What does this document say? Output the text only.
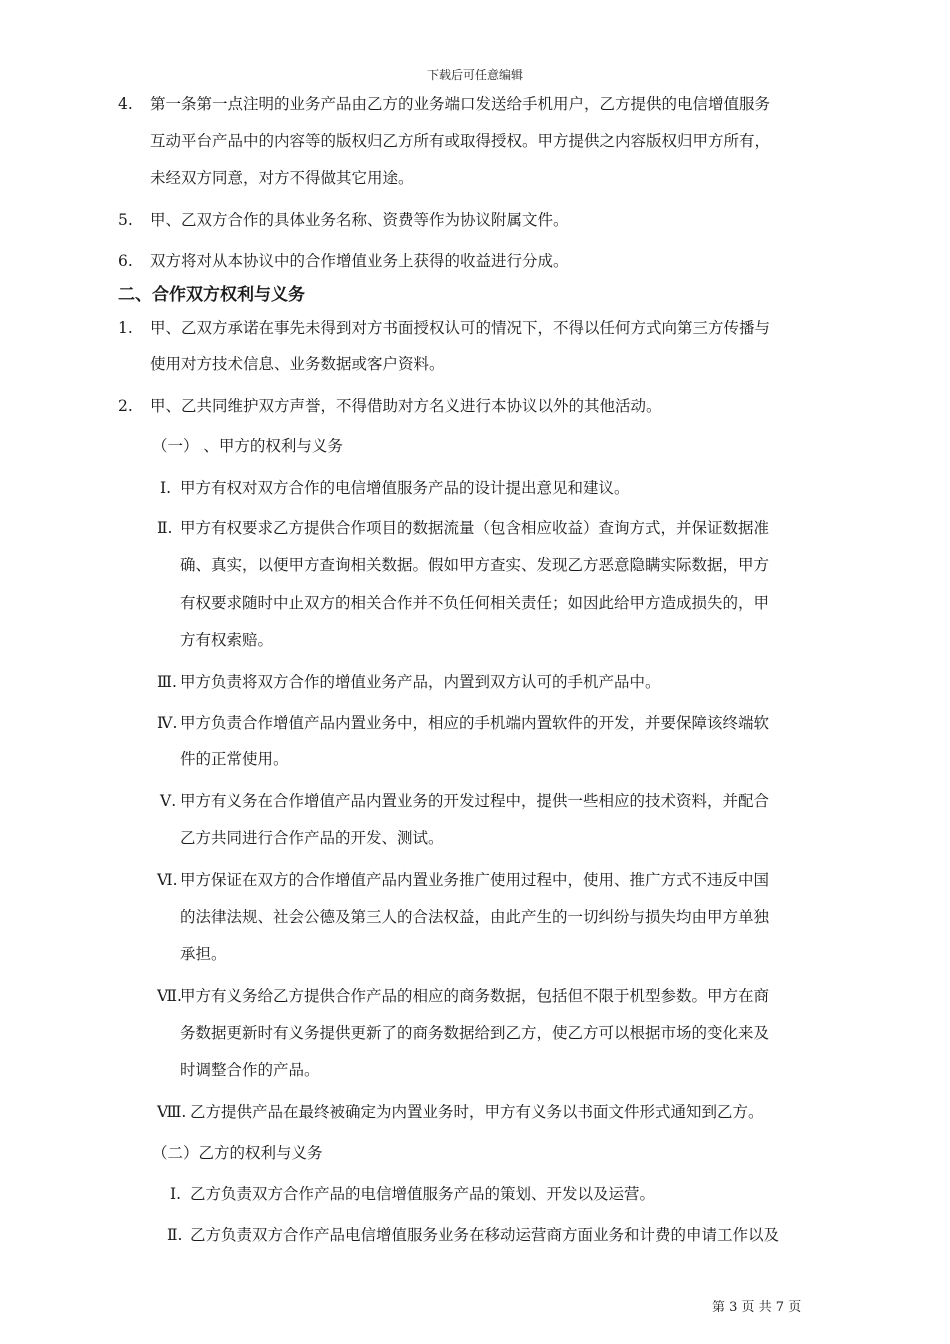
下载后可任意编辑
4. 第一条第一点注明的业务产品由乙方的业务端口发送给手机用户，乙方提供的电信增值服务
互动平台产品中的内容等的版权归乙方所有或取得授权。甲方提供之内容版权归甲方所有，
未经双方同意，对方不得做其它用途。
5. 甲、乙双方合作的具体业务名称、资费等作为协议附属文件。
6. 双方将对从本协议中的合作增值业务上获得的收益进行分成。
二、合作双方权利与义务
1. 甲、乙双方承诺在事先未得到对方书面授权认可的情况下，不得以任何方式向第三方传播与
使用对方技术信息、业务数据或客户资料。
2. 甲、乙共同维护双方声誉，不得借助对方名义进行本协议以外的其他活动。
（一） 、甲方的权利与义务
Ⅰ. 甲方有权对双方合作的电信增值服务产品的设计提出意见和建议。
Ⅱ. 甲方有权要求乙方提供合作项目的数据流量（包含相应收益）查询方式，并保证数据准
确、真实，以便甲方查询相关数据。假如甲方查实、发现乙方恶意隐瞒实际数据，甲方
有权要求随时中止双方的相关合作并不负任何相关责任；如因此给甲方造成损失的，甲
方有权索赔。
Ⅲ. 甲方负责将双方合作的增值业务产品，内置到双方认可的手机产品中。
Ⅳ. 甲方负责合作增值产品内置业务中，相应的手机端内置软件的开发，并要保障该终端软
件的正常使用。
Ⅴ. 甲方有义务在合作增值产品内置业务的开发过程中，提供一些相应的技术资料，并配合
乙方共同进行合作产品的开发、测试。
Ⅵ. 甲方保证在双方的合作增值产品内置业务推广使用过程中，使用、推广方式不违反中国
的法律法规、社会公德及第三人的合法权益，由此产生的一切纠纷与损失均由甲方单独
承担。
Ⅶ.
甲方有义务给乙方提供合作产品的相应的商务数据，包括但不限于机型参数。甲方在商
务数据更新时有义务提供更新了的商务数据给到乙方，使乙方可以根据市场的变化来及
时调整合作的产品。
Ⅷ. 乙方提供产品在最终被确定为内置业务时，甲方有义务以书面文件形式通知到乙方。
（二）乙方的权利与义务
Ⅰ. 乙方负责双方合作产品的电信增值服务产品的策划、开发以及运营。
Ⅱ. 乙方负责双方合作产品电信增值服务业务在移动运营商方面业务和计费的申请工作以及
第 3 页 共 7 页
